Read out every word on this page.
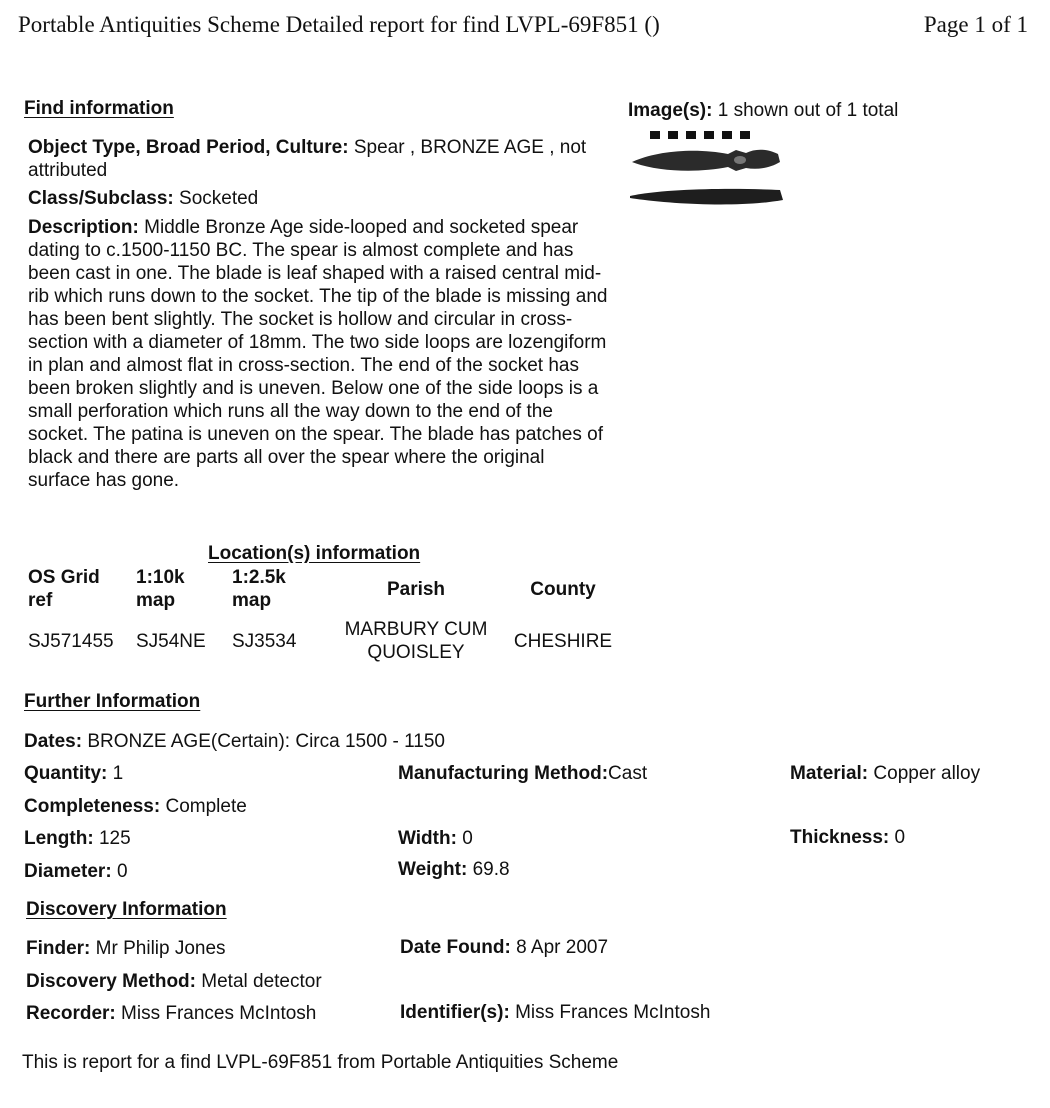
Portable Antiquities Scheme Detailed report for find LVPL-69F851 ()	Page 1 of 1
Find information
Object Type, Broad Period, Culture: Spear , BRONZE AGE , not attributed
Class/Subclass: Socketed
Description: Middle Bronze Age side-looped and socketed spear dating to c.1500-1150 BC. The spear is almost complete and has been cast in one. The blade is leaf shaped with a raised central mid-rib which runs down to the socket. The tip of the blade is missing and has been bent slightly. The socket is hollow and circular in cross-section with a diameter of 18mm. The two side loops are lozengiform in plan and almost flat in cross-section. The end of the socket has been broken slightly and is uneven. Below one of the side loops is a small perforation which runs all the way down to the end of the socket. The patina is uneven on the spear. The blade has patches of black and there are parts all over the spear where the original surface has gone.
Image(s): 1 shown out of 1 total
Location(s) information
OS Grid ref	1:10k map	1:2.5k map	Parish	County
SJ571455	SJ54NE	SJ3534	MARBURY CUM QUOISLEY	CHESHIRE
Further Information
Dates: BRONZE AGE(Certain): Circa 1500 - 1150
Quantity: 1	Manufacturing Method:Cast	Material: Copper alloy
Completeness: Complete
Length: 125	Width: 0	Thickness: 0
Diameter: 0	Weight: 69.8
Discovery Information
Finder: Mr Philip Jones	Date Found: 8 Apr 2007
Discovery Method: Metal detector
Recorder: Miss Frances McIntosh	Identifier(s): Miss Frances McIntosh
This is report for a find LVPL-69F851 from Portable Antiquities Scheme
